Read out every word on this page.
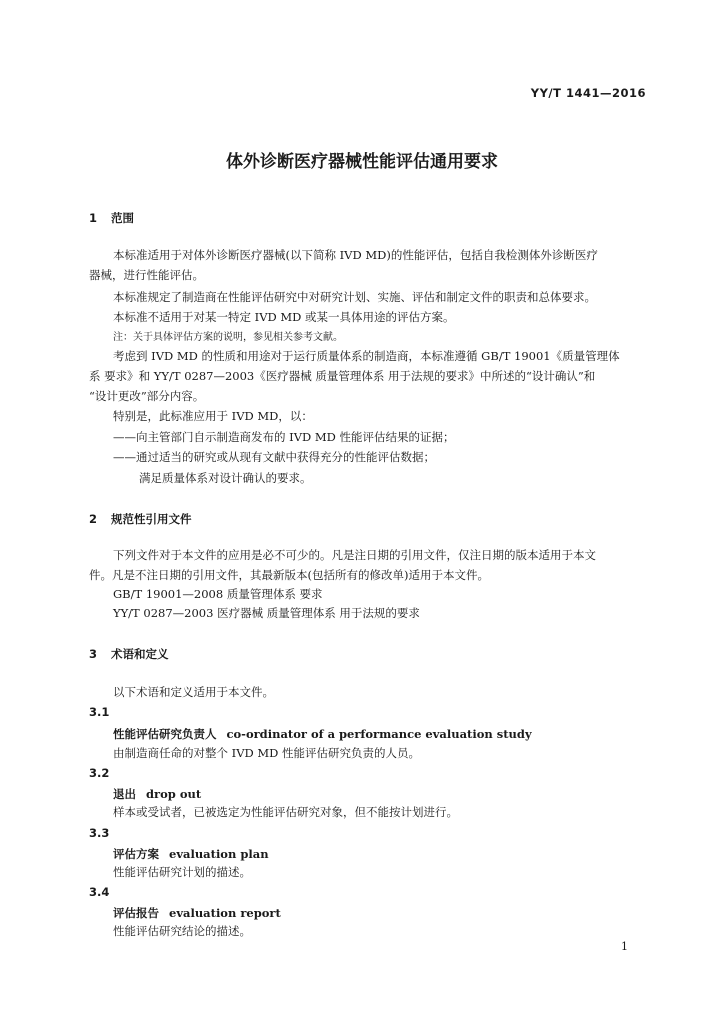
YY/T 1441—2016
体外诊断医疗器械性能评估通用要求
1 范围
本标准适用于对体外诊断医疗器械(以下简称 IVD MD)的性能评估，包括自我检测体外诊断医疗
器械，进行性能评估。
本标准规定了制造商在性能评估研究中对研究计划、实施、评估和制定文件的职责和总体要求。
本标准不适用于对某一特定 IVD MD 或某一具体用途的评估方案。
注：关于具体评估方案的说明，参见相关参考文献。
考虑到 IVD MD 的性质和用途对于运行质量体系的制造商，本标准遵循 GB/T 19001《质量管理体
系 要求》和 YY/T 0287—2003《医疗器械 质量管理体系 用于法规的要求》中所述的“设计确认”和
“设计更改”部分内容。
特别是，此标准应用于 IVD MD，以：
——向主管部门自示制造商发布的 IVD MD 性能评估结果的证据；
——通过适当的研究或从现有文献中获得充分的性能评估数据；
满足质量体系对设计确认的要求。
2 规范性引用文件
下列文件对于本文件的应用是必不可少的。凡是注日期的引用文件，仅注日期的版本适用于本文
件。凡是不注日期的引用文件，其最新版本(包括所有的修改单)适用于本文件。
GB/T 19001—2008 质量管理体系 要求
YY/T 0287—2003 医疗器械 质量管理体系 用于法规的要求
3 术语和定义
以下术语和定义适用于本文件。
3.1
性能评估研究负责人 co-ordinator of a performance evaluation study
由制造商任命的对整个 IVD MD 性能评估研究负责的人员。
3.2
退出 drop out
样本或受试者，已被选定为性能评估研究对象，但不能按计划进行。
3.3
评估方案 evaluation plan
性能评估研究计划的描述。
3.4
评估报告 evaluation report
性能评估研究结论的描述。
1
